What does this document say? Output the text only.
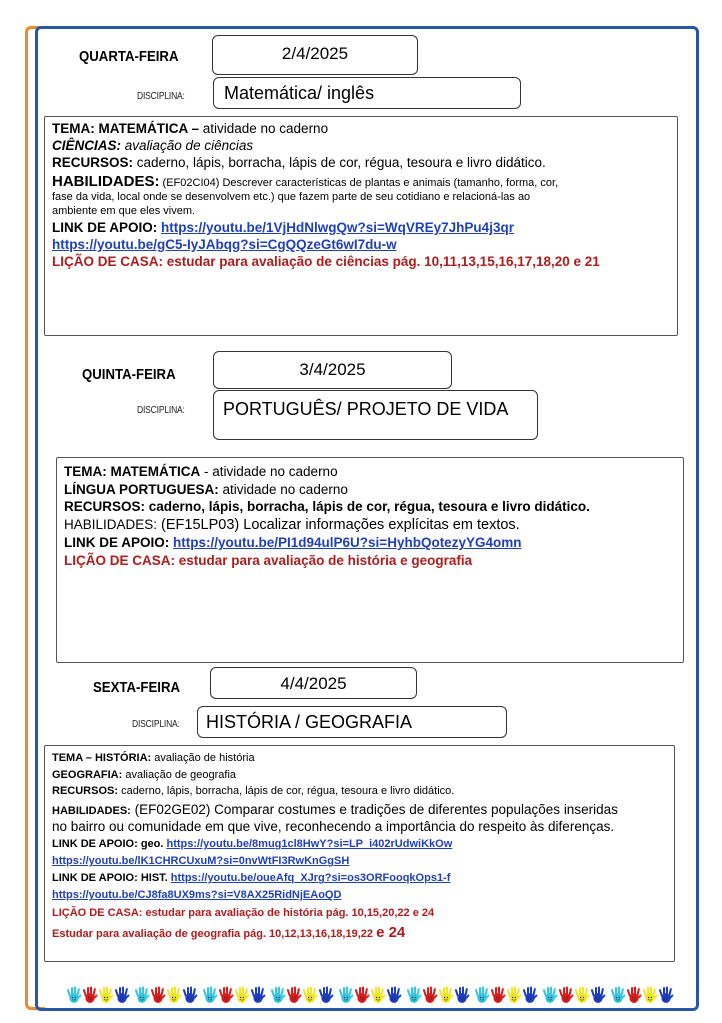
QUARTA-FEIRA	2/4/2025
DISCIPLINA: Matemática/ inglês
TEMA: MATEMÁTICA – atividade no caderno
CIÊNCIAS: avaliação de ciências
RECURSOS: caderno, lápis, borracha, lápis de cor, régua, tesoura e livro didático.
HABILIDADES: (EF02CI04) Descrever características de plantas e animais (tamanho, forma, cor,
fase da vida, local onde se desenvolvem etc.) que fazem parte de seu cotidiano e relacioná-las ao
ambiente em que eles vivem.
LINK DE APOIO: https://youtu.be/1VjHdNlwgQw?si=WqVREy7JhPu4j3qr
https://youtu.be/gC5-IyJAbqg?si=CgQQzeGt6wI7du-w
LIÇÃO DE CASA: estudar para avaliação de ciências pág. 10,11,13,15,16,17,18,20 e 21
QUINTA-FEIRA	3/4/2025
DISCIPLINA: PORTUGUÊS/ PROJETO DE VIDA
TEMA: MATEMÁTICA - atividade no caderno
LÍNGUA PORTUGUESA: atividade no caderno
RECURSOS: caderno, lápis, borracha, lápis de cor, régua, tesoura e livro didático.
HABILIDADES: (EF15LP03) Localizar informações explícitas em textos.
LINK DE APOIO: https://youtu.be/PI1d94ulP6U?si=HyhbQotezyYG4omn
LIÇÃO DE CASA: estudar para avaliação de história e geografia
SEXTA-FEIRA	4/4/2025
DISCIPLINA: HISTÓRIA / GEOGRAFIA
TEMA – HISTÓRIA: avaliação de história
GEOGRAFIA: avaliação de geografia
RECURSOS: caderno, lápis, borracha, lápis de cor, régua, tesoura e livro didático.
HABILIDADES: (EF02GE02) Comparar costumes e tradições de diferentes populações inseridas
no bairro ou comunidade em que vive, reconhecendo a importância do respeito às diferenças.
LINK DE APOIO: geo. https://youtu.be/8mug1cl8HwY?si=LP_i402rUdwiKkOw
https://youtu.be/lK1CHRCUxuM?si=0nvWtFI3RwKnGgSH
LINK DE APOIO: HIST. https://youtu.be/oueAfq_XJrg?si=os3ORFooqkOps1-f
https://youtu.be/CJ8fa8UX9ms?si=V8AX25RidNjEAoQD
LIÇÃO DE CASA: estudar para avaliação de história pág. 10,15,20,22 e 24
Estudar para avaliação de geografia pág. 10,12,13,16,18,19,22 e 24
